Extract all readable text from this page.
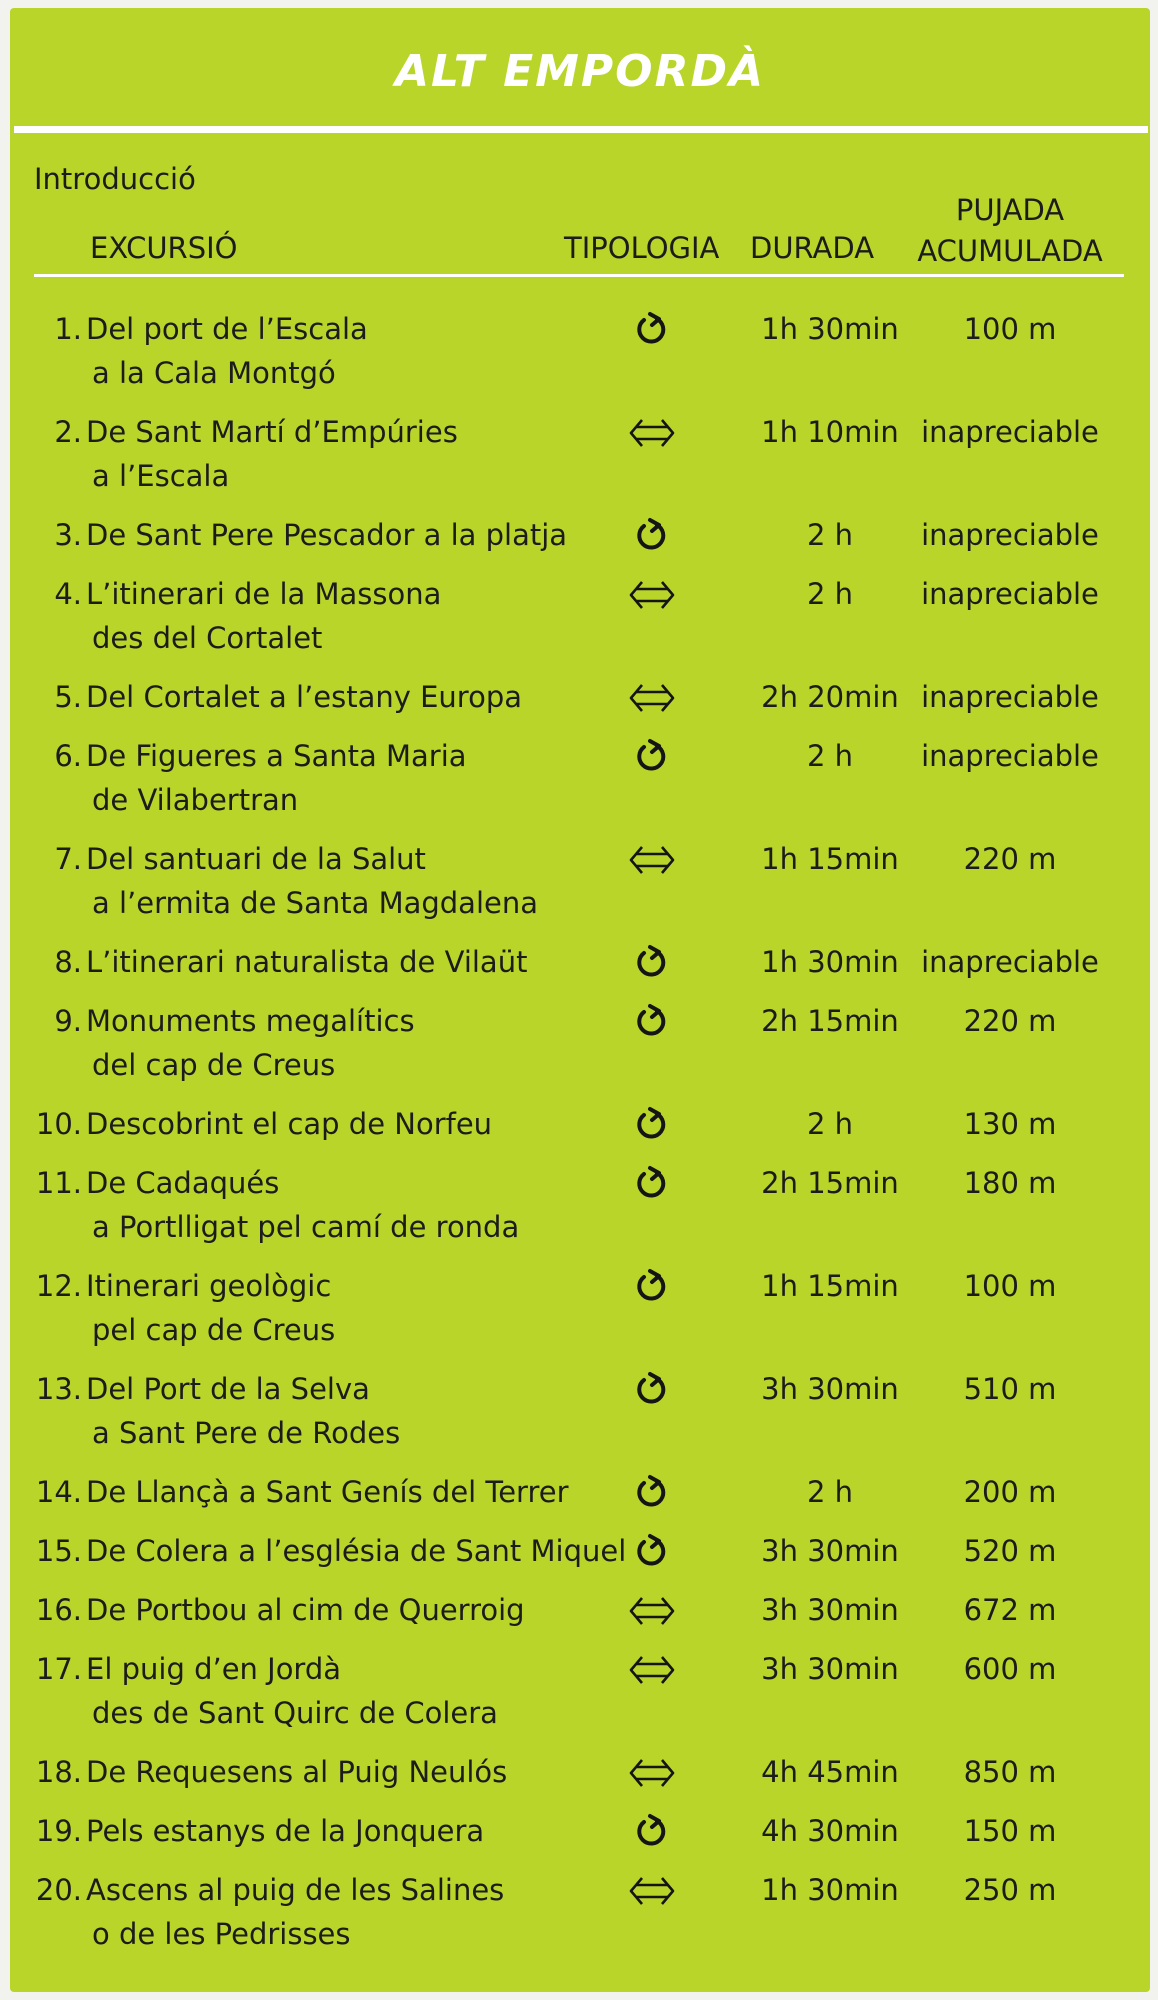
ALT EMPORDÀ
Introducció
EXCURSIÓ	TIPOLOGIA DURADA
PUJADA
ACUMULADA
1. Del port de l’Escala
a la Cala Montgó
1h 30min	100 m
2. De Sant Martí d’Empúries
a l’Escala
1h 10min inapreciable
3. De Sant Pere Pescador a la platja	2 h	inapreciable
4. L’itinerari de la Massona
des del Cortalet
2 h	inapreciable
5. Del Cortalet a l’estany Europa	2h 20min inapreciable
6. De Figueres a Santa Maria
de Vilabertran
2 h	inapreciable
7. Del santuari de la Salut
a l’ermita de Santa Magdalena
1h 15min	220 m
8. L’itinerari naturalista de Vilaüt	1h 30min inapreciable
9. Monuments megalítics
del cap de Creus
2h 15min	220 m
10. Descobrint el cap de Norfeu	2 h	130 m
11. De Cadaqués
a Portlligat pel camí de ronda
2h 15min	180 m
12. Itinerari geològic
pel cap de Creus
1h 15min	100 m
13. Del Port de la Selva
a Sant Pere de Rodes
3h 30min	510 m
14. De Llançà a Sant Genís del Terrer	2 h	200 m
15. De Colera a l’església de Sant Miquel	3h 30min	520 m
16. De Portbou al cim de Querroig	3h 30min	672 m
17. El puig d’en Jordà
des de Sant Quirc de Colera
3h 30min	600 m
18. De Requesens al Puig Neulós	4h 45min	850 m
19. Pels estanys de la Jonquera	4h 30min	150 m
20. Ascens al puig de les Salines
o de les Pedrisses
1h 30min	250 m
